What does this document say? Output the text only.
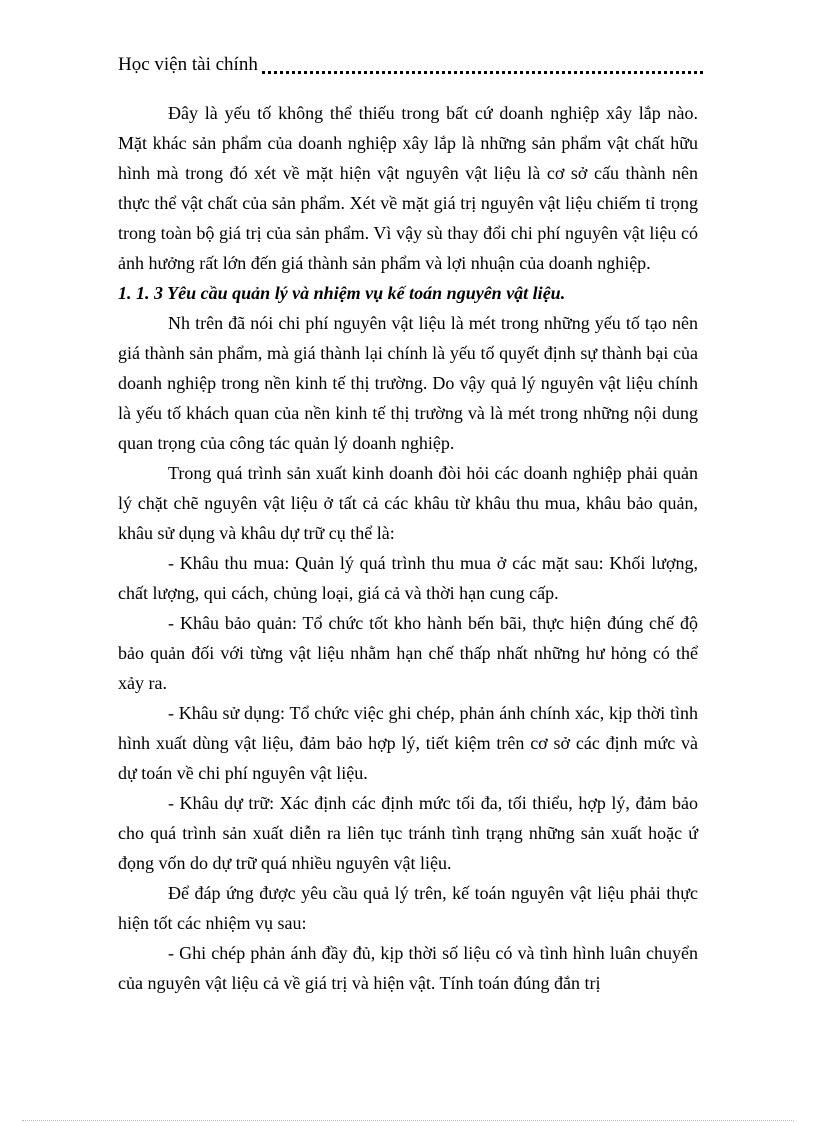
Học viện tài chính

Đây là yếu tố không thể thiếu trong bất cứ doanh nghiệp xây lắp nào. Mặt khác sản phẩm của doanh nghiệp xây lắp là những sản phẩm vật chất hữu hình mà trong đó xét về mặt hiện vật nguyên vật liệu là cơ sở cấu thành nên thực thể vật chất của sản phẩm. Xét về mặt giá trị nguyên vật liệu chiếm tỉ trọng trong toàn bộ giá trị của sản phẩm. Vì vậy sù thay đổi chi phí nguyên vật liệu có ảnh hưởng rất lớn đến giá thành sản phẩm và lợi nhuận của doanh nghiệp.

1. 1. 3 Yêu cầu quản lý và nhiệm vụ kế toán nguyên vật liệu.

Nh trên đã nói chi phí nguyên vật liệu là mét trong những yếu tố tạo nên giá thành sản phẩm, mà giá thành lại chính là yếu tố quyết định sự thành bại của doanh nghiệp trong nền kinh tế thị trường. Do vậy quả lý nguyên vật liệu chính là yếu tố khách quan của nền kinh tế thị trường và là mét trong những nội dung quan trọng của công tác quản lý doanh nghiệp.

Trong quá trình sản xuất kinh doanh đòi hỏi các doanh nghiệp phải quản lý chặt chẽ nguyên vật liệu ở tất cả các khâu từ khâu thu mua, khâu bảo quản, khâu sử dụng và khâu dự trữ cụ thể là:

- Khâu thu mua: Quản lý quá trình thu mua ở các mặt sau: Khối lượng, chất lượng, qui cách, chủng loại, giá cả và thời hạn cung cấp.

- Khâu bảo quản: Tổ chức tốt kho hành bến bãi, thực hiện đúng chế độ bảo quản đối với từng vật liệu nhằm hạn chế thấp nhất những hư hỏng có thể xảy ra.

- Khâu sử dụng: Tổ chức việc ghi chép, phản ánh chính xác, kịp thời tình hình xuất dùng vật liệu, đảm bảo hợp lý, tiết kiệm trên cơ sở các định mức và dự toán về chi phí nguyên vật liệu.

- Khâu dự trữ: Xác định các định mức tối đa, tối thiểu, hợp lý, đảm bảo cho quá trình sản xuất diễn ra liên tục tránh tình trạng những sản xuất hoặc ứ đọng vốn do dự trữ quá nhiều nguyên vật liệu.

Để đáp ứng được yêu cầu quả lý trên, kế toán nguyên vật liệu phải thực hiện tốt các nhiệm vụ sau:

- Ghi chép phản ánh đầy đủ, kịp thời số liệu có và tình hình luân chuyển của nguyên vật liệu cả về giá trị và hiện vật. Tính toán đúng đắn trị
